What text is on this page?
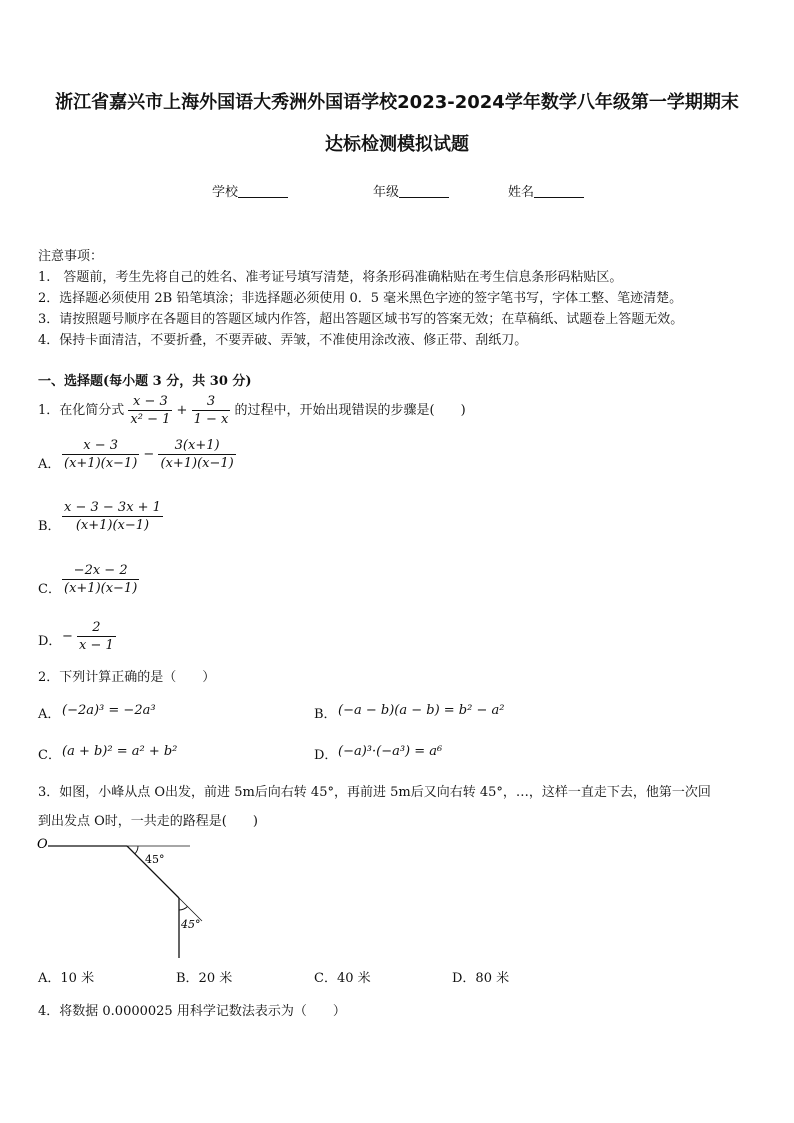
浙江省嘉兴市上海外国语大秀洲外国语学校2023-2024学年数学八年级第一学期期末
达标检测模拟试题
学校	年级	姓名
注意事项：
1.　答题前，考生先将自己的姓名、准考证号填写清楚，将条形码准确粘贴在考生信息条形码粘贴区。
2．选择题必须使用 2B 铅笔填涂；非选择题必须使用 0．5 毫米黑色字迹的签字笔书写，字体工整、笔迹清楚。
3．请按照题号顺序在各题目的答题区域内作答，超出答题区域书写的答案无效；在草稿纸、试题卷上答题无效。
4．保持卡面清洁，不要折叠，不要弄破、弄皱，不准使用涂改液、修正带、刮纸刀。
一、选择题(每小题 3 分，共 30 分)
1．在化简分式 $\frac{x - 3}{\text{x² − 1}} + \frac{3}{1 - x}$ 的过程中，开始出现错误的步骤是(　　)
A． $\frac{x - 3}{(x+1)(x-1)} - \frac{3(x+1)}{(x+1)(x-1)}$
B． $\frac{x - 3 - 3x + 1}{(x+1)(x-1)}$
C． $\frac{-2x - 2}{(x+1)(x-1)}$
D． − $\frac{2}{x - 1}$
2．下列计算正确的是（　　）
A． (−2a)³ = −2a³	B． (−a − b)(a − b) = b² − a²
C． (a + b)² = a² + b²	D． (−a)³·(−a³) = a⁶
3．如图，小峰从点 O出发，前进 5m后向右转 45°，再前进 5m后又向右转 45°，…，这样一直走下去，他第一次回
到出发点 O时，一共走的路程是(　　)
O
45°
45°
A．10 米	B．20 米	C．40 米	D．80 米
4．将数据 0.0000025 用科学记数法表示为（　　）
